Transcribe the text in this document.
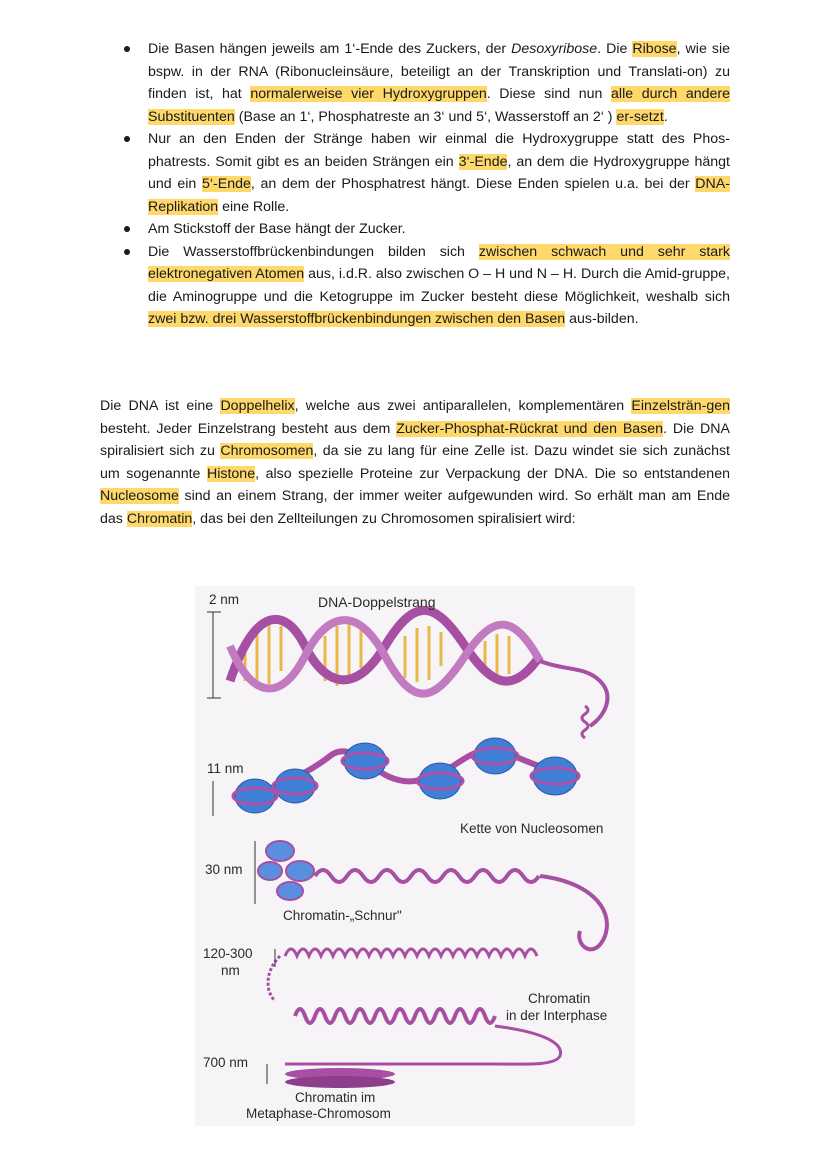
Die Basen hängen jeweils am 1‘-Ende des Zuckers, der Desoxyribose. Die Ribose, wie sie bspw. in der RNA (Ribonucleinsäure, beteiligt an der Transkription und Translati-on) zu finden ist, hat normalerweise vier Hydroxygruppen. Diese sind nun alle durch andere Substituenten (Base an 1‘, Phosphatreste an 3‘ und 5‘, Wasserstoff an 2‘ ) er-setzt.
Nur an den Enden der Stränge haben wir einmal die Hydroxygruppe statt des Phos-phatrests. Somit gibt es an beiden Strängen ein 3‘-Ende, an dem die Hydroxygruppe hängt und ein 5‘-Ende, an dem der Phosphatrest hängt. Diese Enden spielen u.a. bei der DNA-Replikation eine Rolle.
Am Stickstoff der Base hängt der Zucker.
Die Wasserstoffbrückenbindungen bilden sich zwischen schwach und sehr stark elektronegativen Atomen aus, i.d.R. also zwischen O – H und N – H. Durch die Amid-gruppe, die Aminogruppe und die Ketogruppe im Zucker besteht diese Möglichkeit, weshalb sich zwei bzw. drei Wasserstoffbrückenbindungen zwischen den Basen aus-bilden.

Die DNA ist eine Doppelhelix, welche aus zwei antiparallelen, komplementären Einzelsträn-gen besteht. Jeder Einzelstrang besteht aus dem Zucker-Phosphat-Rückrat und den Basen. Die DNA spiralisiert sich zu Chromosomen, da sie zu lang für eine Zelle ist. Dazu windet sie sich zunächst um sogenannte Histone, also spezielle Proteine zur Verpackung der DNA. Die so entstandenen Nucleosome sind an einem Strang, der immer weiter aufgewunden wird. So erhält man am Ende das Chromatin, das bei den Zellteilungen zu Chromosomen spiralisiert wird:

2 nm	DNA-Doppelstrang
11 nm
Kette von Nucleosomen
30 nm
Chromatin-„Schnur"
120-300
nm
Chromatin
in der Interphase
700 nm
Chromatin im
Metaphase-Chromosom
